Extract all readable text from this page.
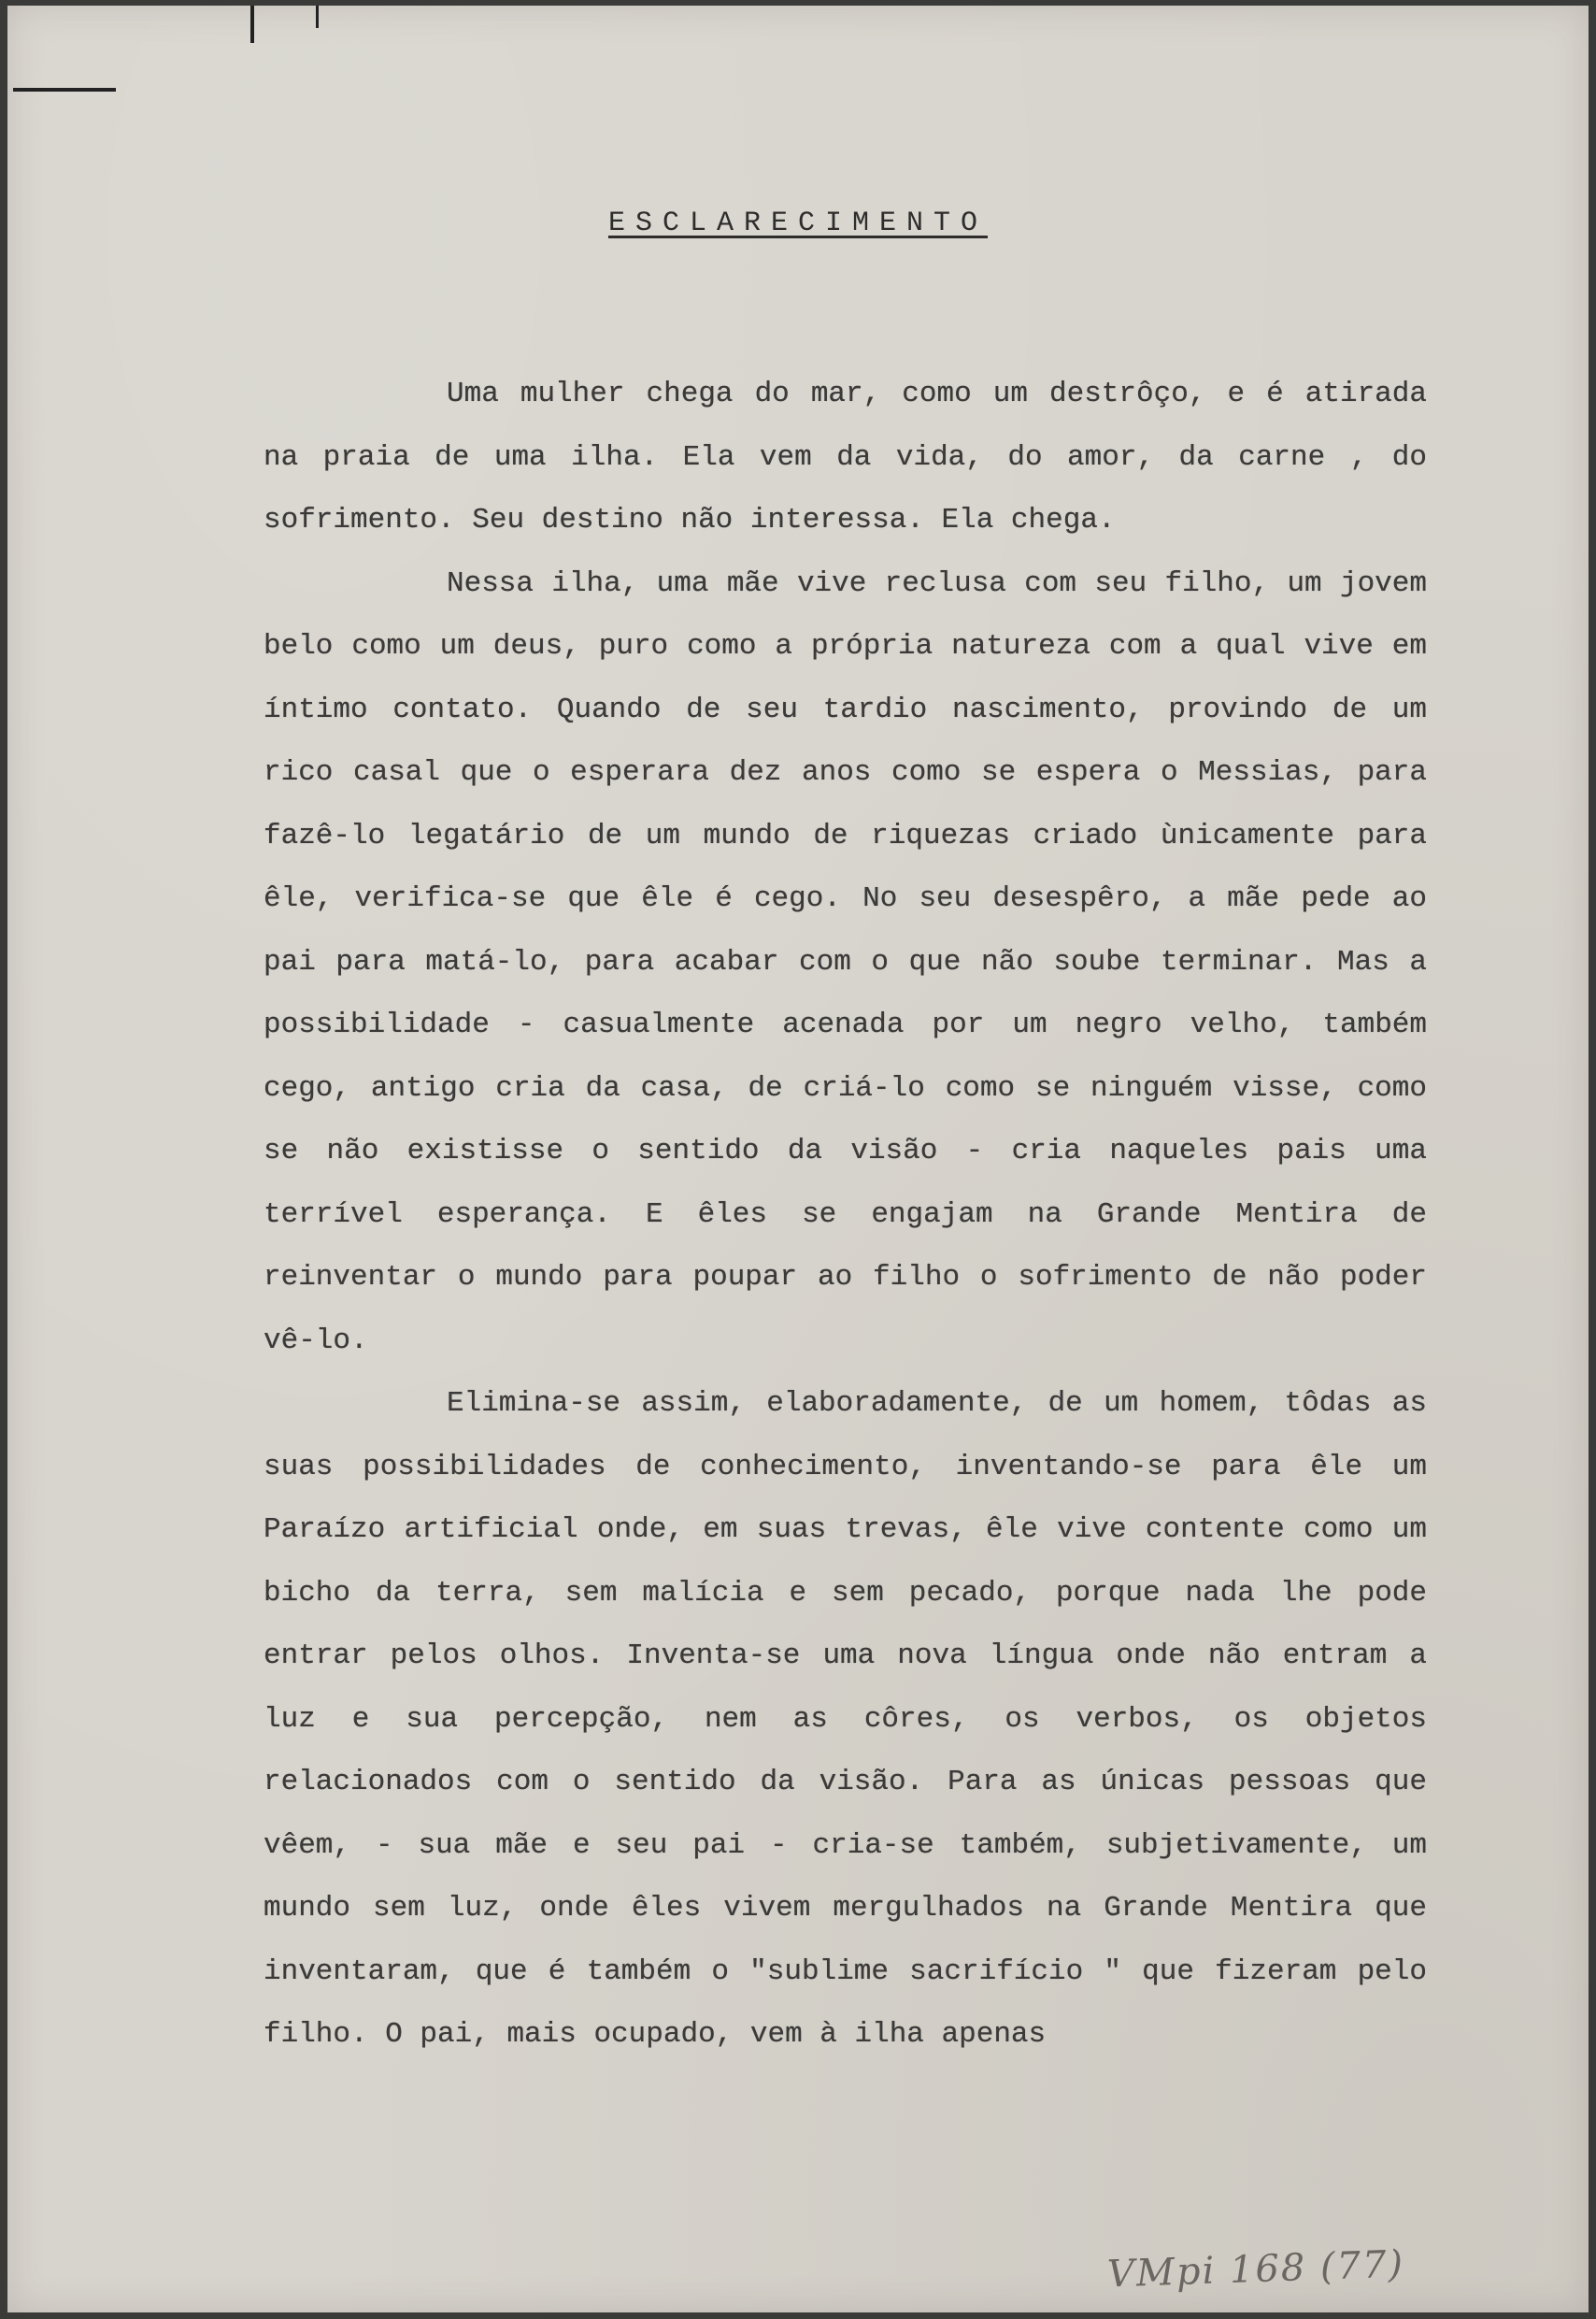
ESCLARECIMENTO

Uma mulher chega do mar, como um destrôço, e é atirada na praia de uma ilha. Ela vem da vida, do amor, da carne , do sofrimento. Seu destino não interessa. Ela chega.

Nessa ilha, uma mãe vive reclusa com seu filho, um jovem belo como um deus, puro como a própria natureza com a qual vive em íntimo contato. Quando de seu tardio nascimento, provindo de um rico casal que o esperara dez anos como se espera o Messias, para fazê-lo legatário de um mundo de riquezas criado ùnicamente para êle, verifica-se que êle é cego. No seu desespêro, a mãe pede ao pai para matá-lo, para acabar com o que não soube terminar. Mas a possibilidade - casualmente acenada por um negro velho, também cego, antigo cria da casa, de criá-lo como se ninguém visse, como se não existisse o sentido da visão - cria naqueles pais uma terrível esperança. E êles se engajam na Grande Mentira de reinventar o mundo para poupar ao filho o sofrimento de não poder vê-lo.

Elimina-se assim, elaboradamente, de um homem, tôdas as suas possibilidades de conhecimento, inventando-se para êle um Paraízo artificial onde, em suas trevas, êle vive contente como um bicho da terra, sem malícia e sem pecado, porque nada lhe pode entrar pelos olhos. Inventa-se uma nova língua onde não entram a luz e sua percepção, nem as côres, os verbos, os objetos relacionados com o sentido da visão. Para as únicas pessoas que vêem, - sua mãe e seu pai - cria-se também, subjetivamente, um mundo sem luz, onde êles vivem mergulhados na Grande Mentira que inventaram, que é também o "sublime sacrifício " que fizeram pelo filho. O pai, mais ocupado, vem à ilha apenas

VMpi 168 (77)
